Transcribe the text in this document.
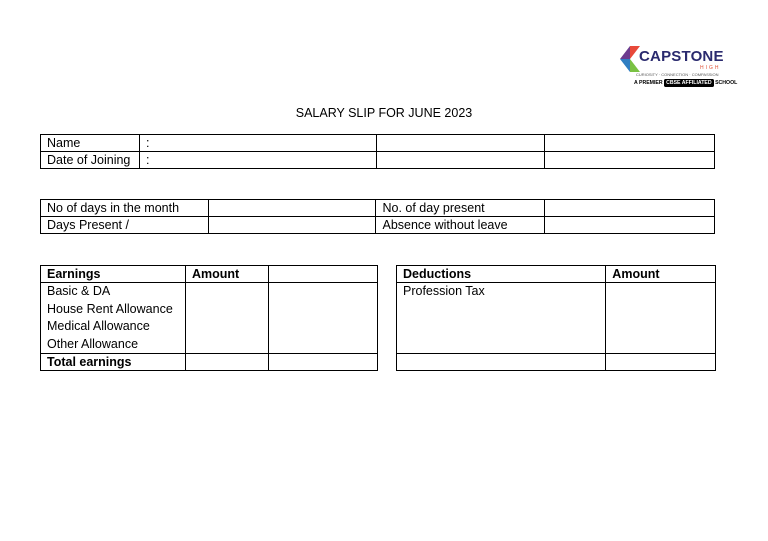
CAPSTONE
HIGH
CURIOSITY · CONNECTION · COMPASSION
A PREMIER CBSE AFFILIATED SCHOOL
SALARY SLIP FOR JUNE 2023
Name	:		
Date of Joining	:		
No of days in the month		No. of day present	
Days Present /		Absence without leave	
Earnings	Amount	

Basic & DA
House Rent Allowance
Medical Allowance
Other Allowance		

Total earnings		
Deductions	Amount

Profession Tax	
